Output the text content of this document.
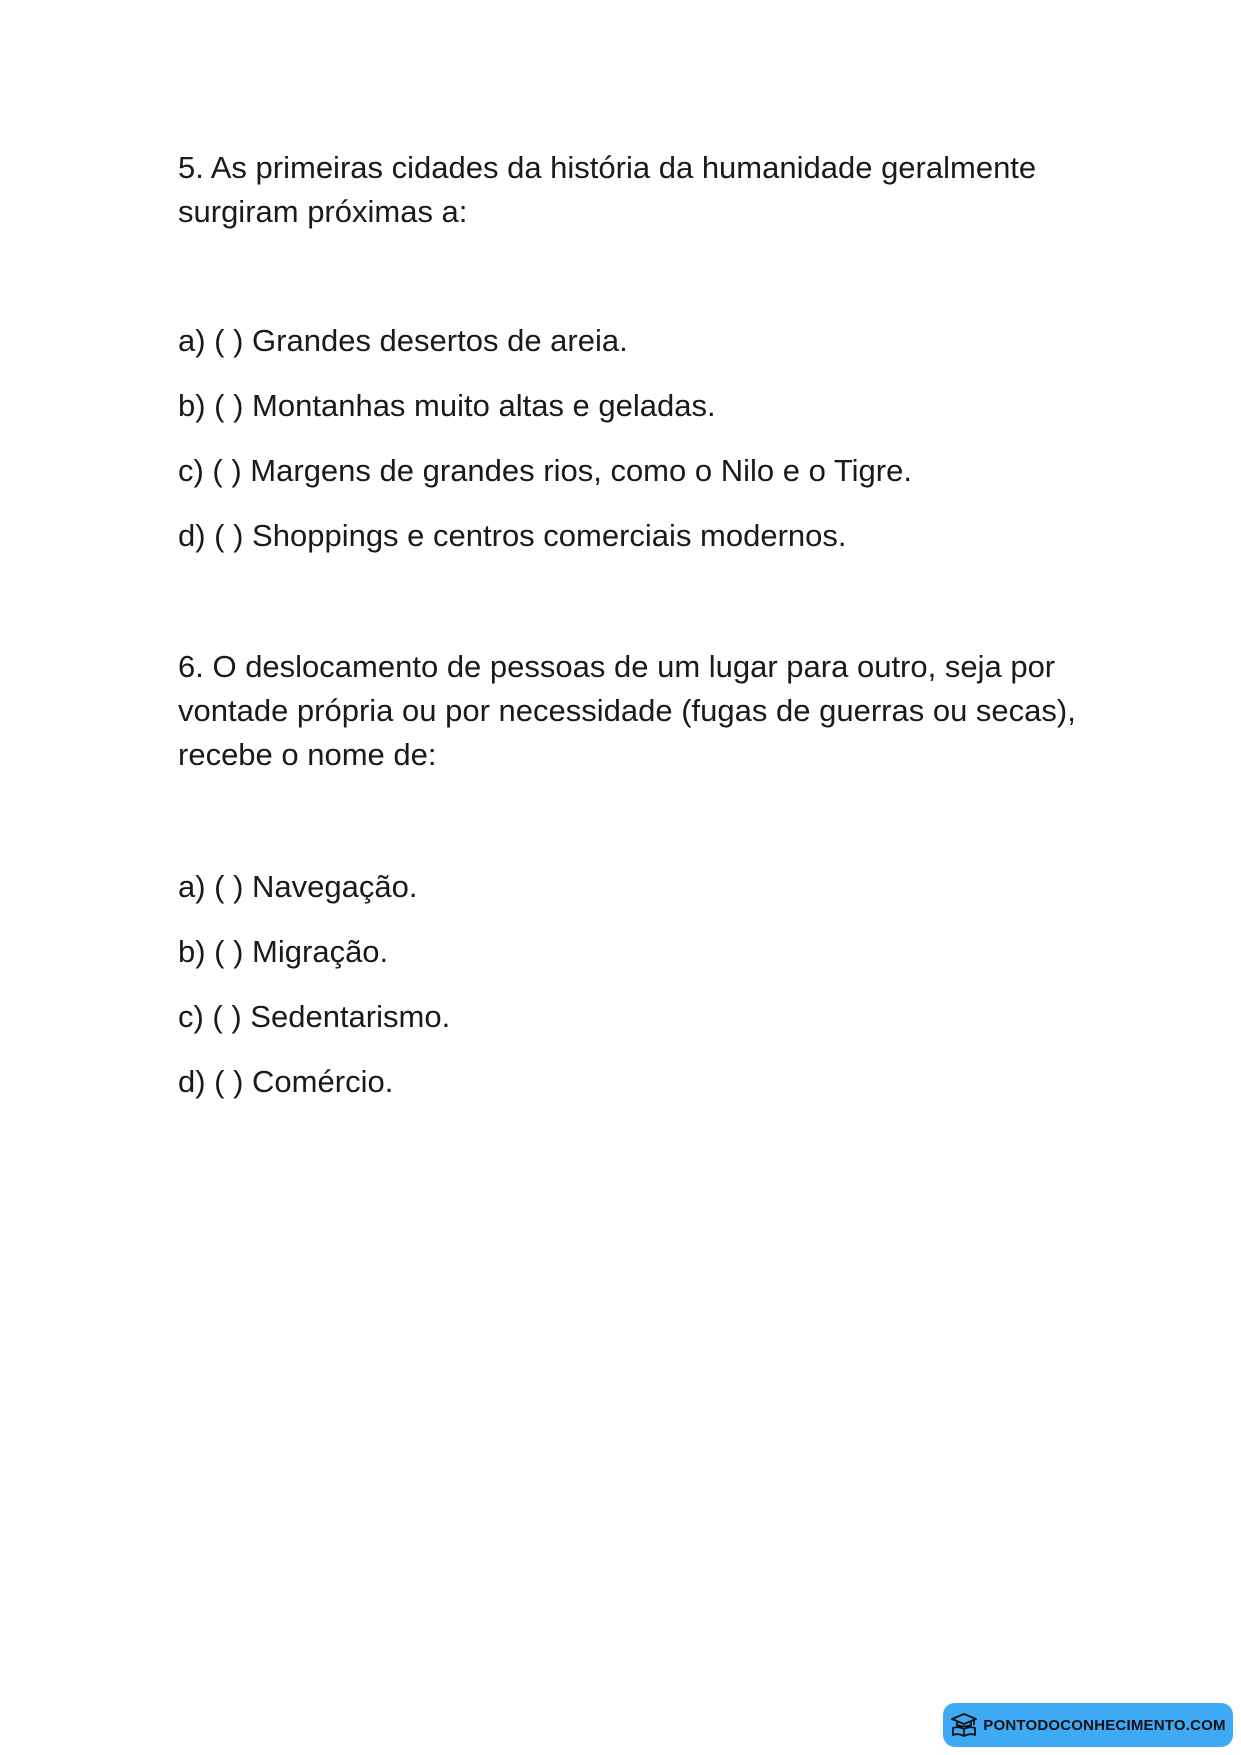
5. As primeiras cidades da história da humanidade geralmente surgiram próximas a:

a) ( ) Grandes desertos de areia.
b) ( ) Montanhas muito altas e geladas.
c) ( ) Margens de grandes rios, como o Nilo e o Tigre.
d) ( ) Shoppings e centros comerciais modernos.

6. O deslocamento de pessoas de um lugar para outro, seja por vontade própria ou por necessidade (fugas de guerras ou secas), recebe o nome de:

a) ( ) Navegação.
b) ( ) Migração.
c) ( ) Sedentarismo.
d) ( ) Comércio.
PONTODOCONHECIMENTO.COM
